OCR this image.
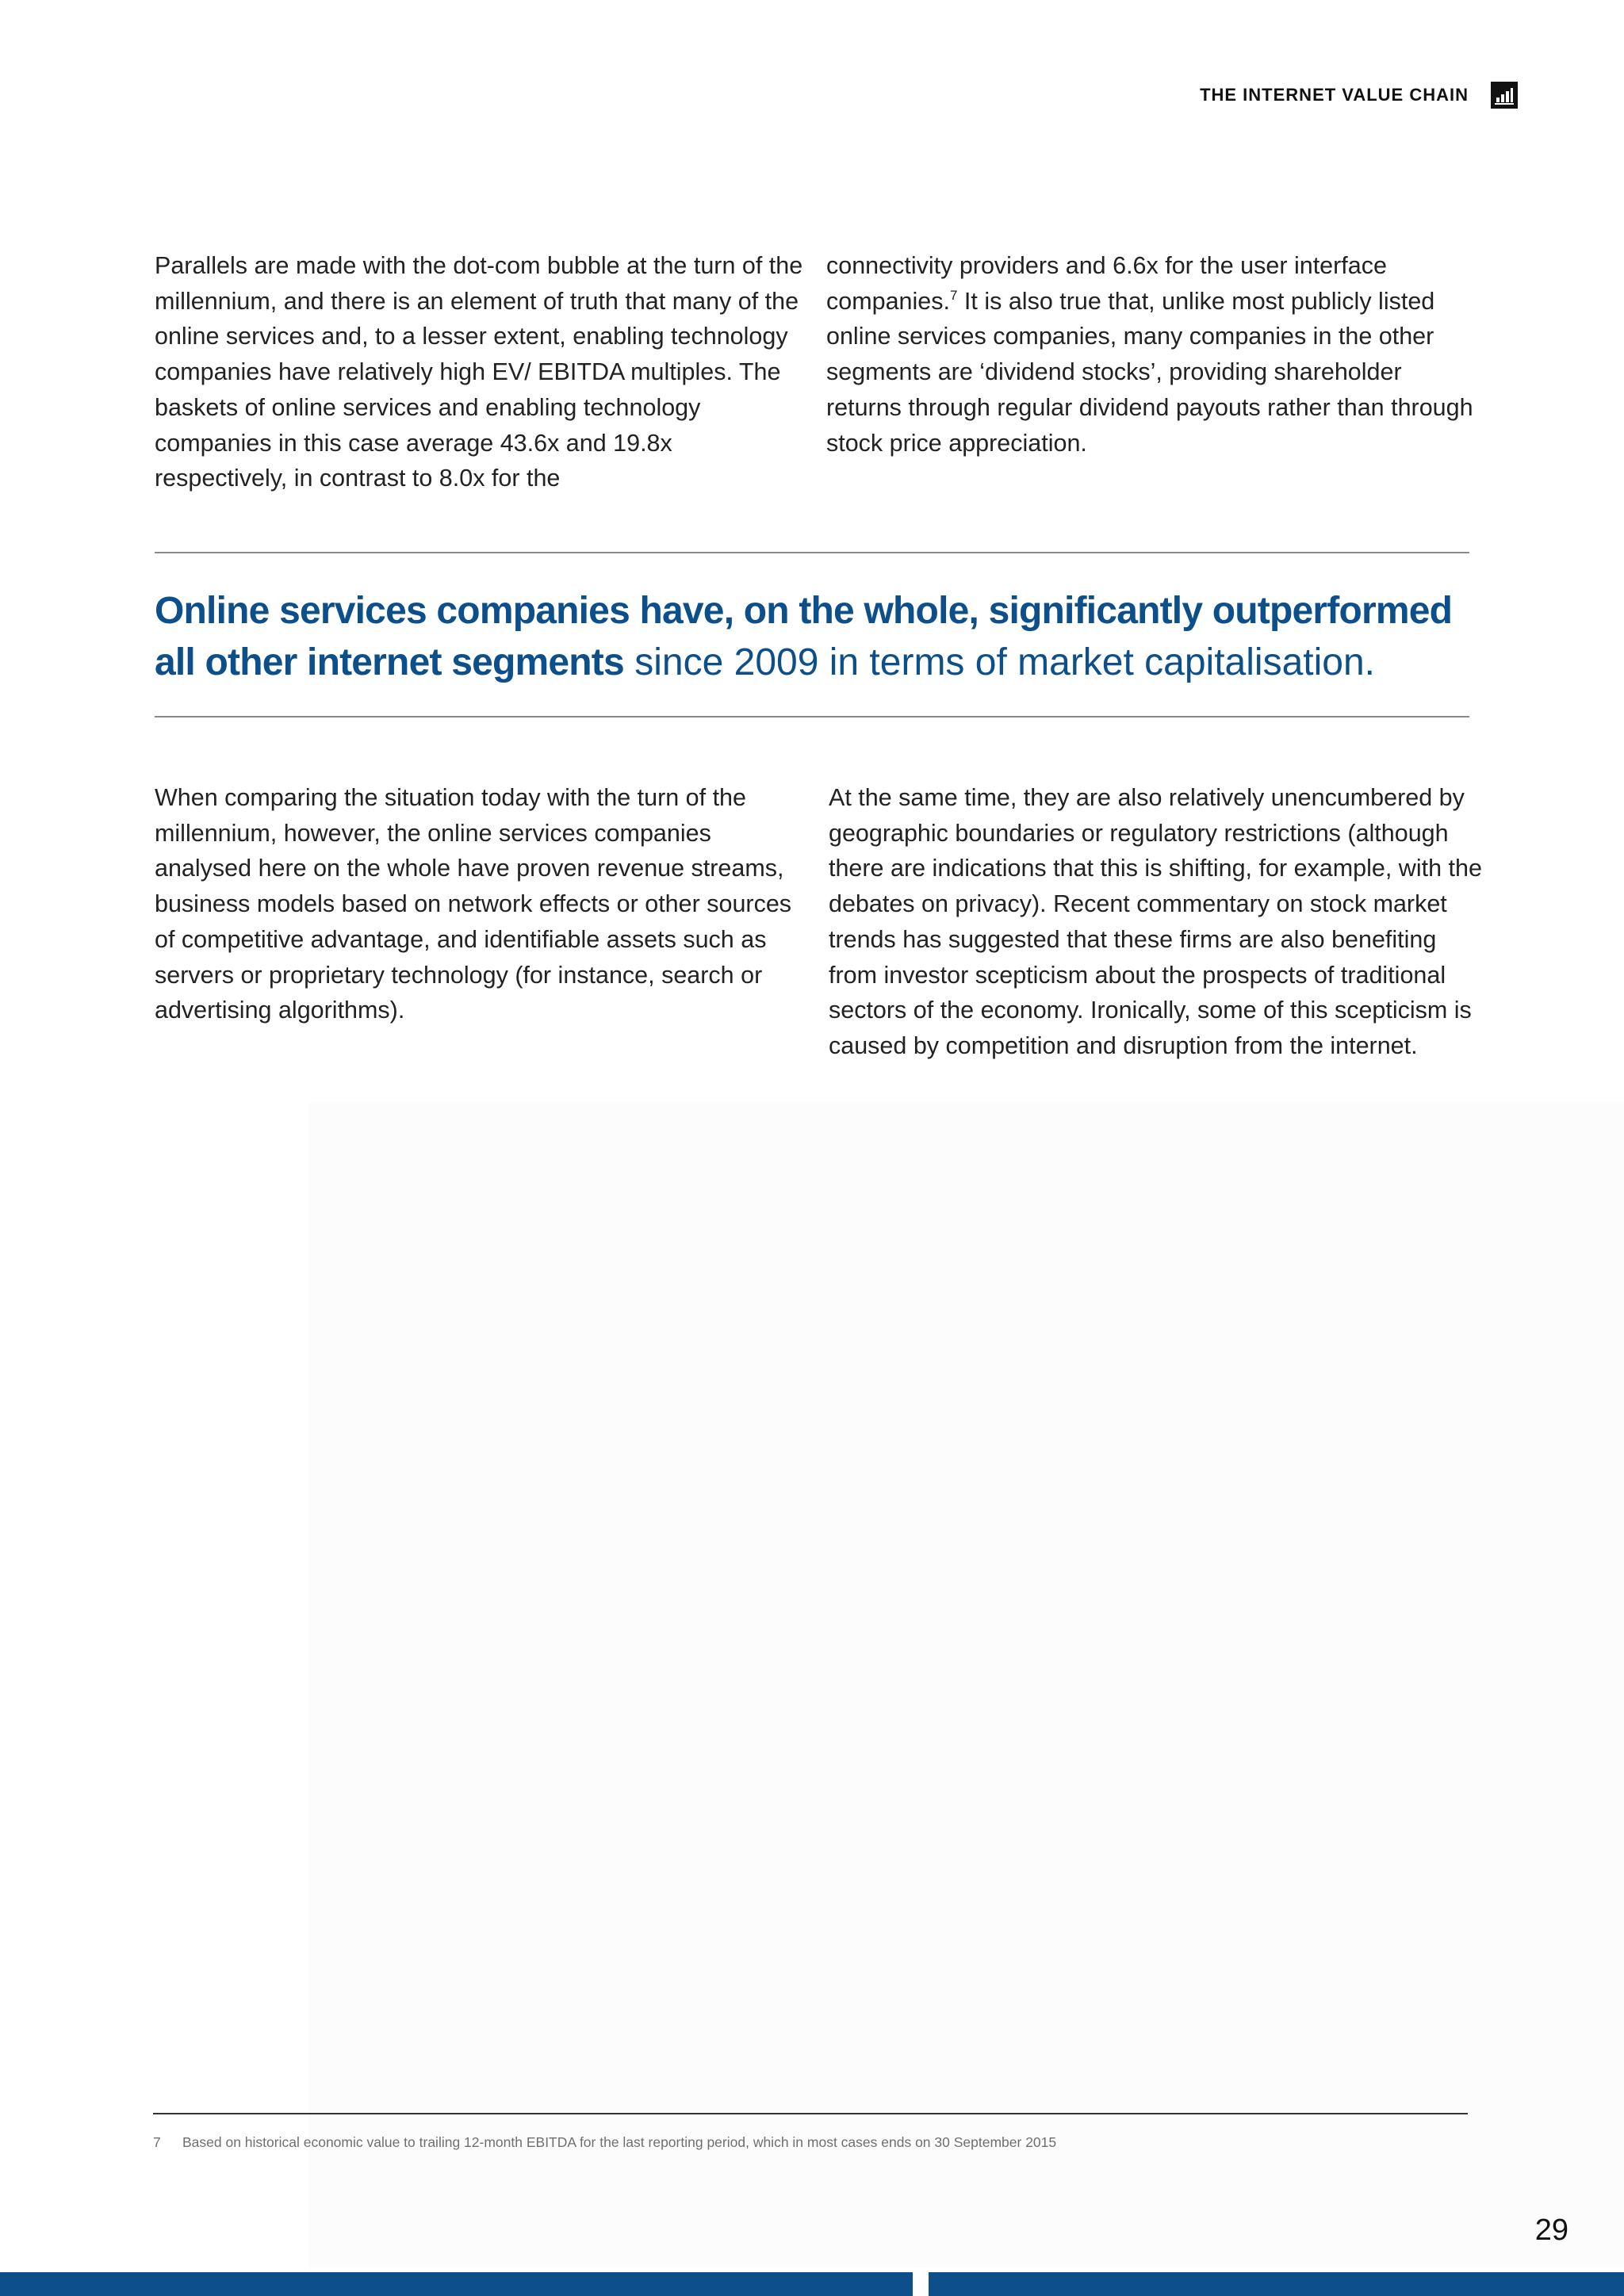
THE INTERNET VALUE CHAIN

Parallels are made with the dot-com bubble at the turn of the millennium, and there is an element of truth that many of the online services and, to a lesser extent, enabling technology companies have relatively high EV/ EBITDA multiples. The baskets of online services and enabling technology companies in this case average 43.6x and 19.8x respectively, in contrast to 8.0x for the

connectivity providers and 6.6x for the user interface companies.$^7$ It is also true that, unlike most publicly listed online services companies, many companies in the other segments are ‘dividend stocks’, providing shareholder returns through regular dividend payouts rather than through stock price appreciation.

Online services companies have, on the whole, significantly outperformed all other internet segments since 2009 in terms of market capitalisation.

When comparing the situation today with the turn of the millennium, however, the online services companies analysed here on the whole have proven revenue streams, business models based on network effects or other sources of competitive advantage, and identifiable assets such as servers or proprietary technology (for instance, search or advertising algorithms).

At the same time, they are also relatively unencumbered by geographic boundaries or regulatory restrictions (although there are indications that this is shifting, for example, with the debates on privacy). Recent commentary on stock market trends has suggested that these firms are also benefiting from investor scepticism about the prospects of traditional sectors of the economy. Ironically, some of this scepticism is caused by competition and disruption from the internet.

7	Based on historical economic value to trailing 12-month EBITDA for the last reporting period, which in most cases ends on 30 September 2015
29
